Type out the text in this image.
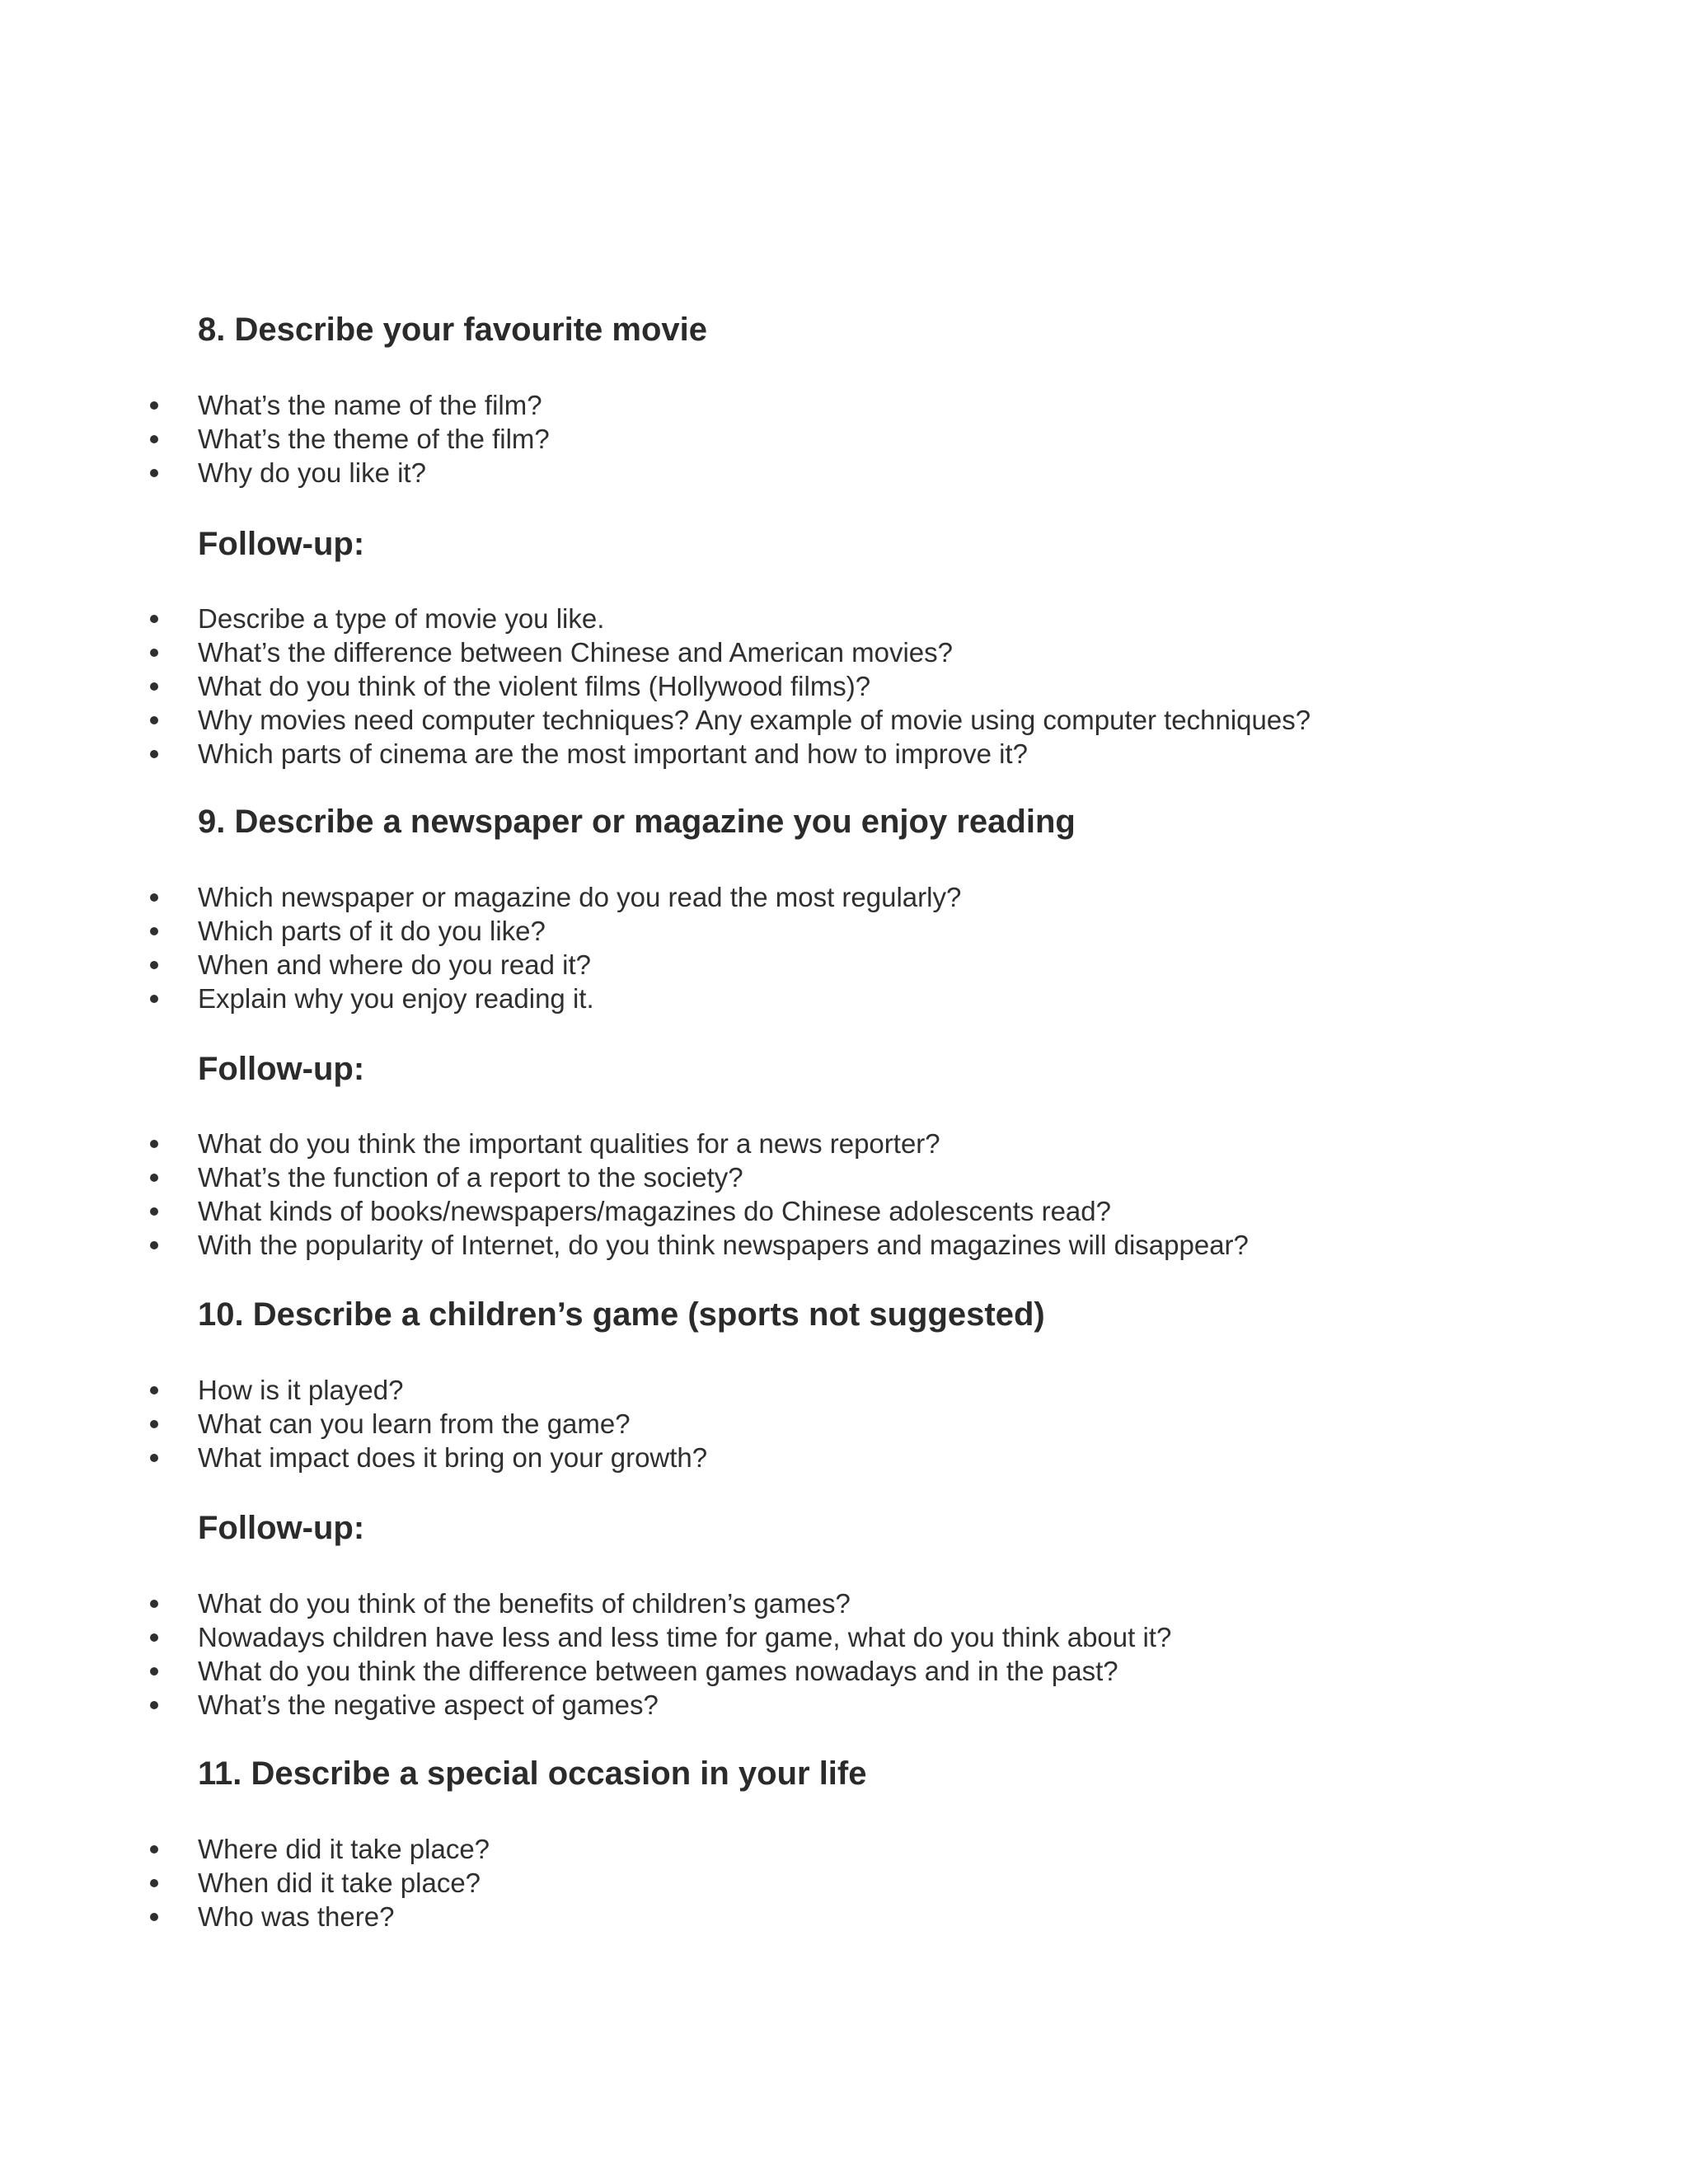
8. Describe your favourite movie
What’s the name of the film?
What’s the theme of the film?
Why do you like it?
Follow-up:
Describe a type of movie you like.
What’s the difference between Chinese and American movies?
What do you think of the violent films (Hollywood films)?
Why movies need computer techniques? Any example of movie using computer techniques?
Which parts of cinema are the most important and how to improve it?
9. Describe a newspaper or magazine you enjoy reading
Which newspaper or magazine do you read the most regularly?
Which parts of it do you like?
When and where do you read it?
Explain why you enjoy reading it.
Follow-up:
What do you think the important qualities for a news reporter?
What’s the function of a report to the society?
What kinds of books/newspapers/magazines do Chinese adolescents read?
With the popularity of Internet, do you think newspapers and magazines will disappear?
10. Describe a children’s game (sports not suggested)
How is it played?
What can you learn from the game?
What impact does it bring on your growth?
Follow-up:
What do you think of the benefits of children’s games?
Nowadays children have less and less time for game, what do you think about it?
What do you think the difference between games nowadays and in the past?
What’s the negative aspect of games?
11. Describe a special occasion in your life
Where did it take place?
When did it take place?
Who was there?
